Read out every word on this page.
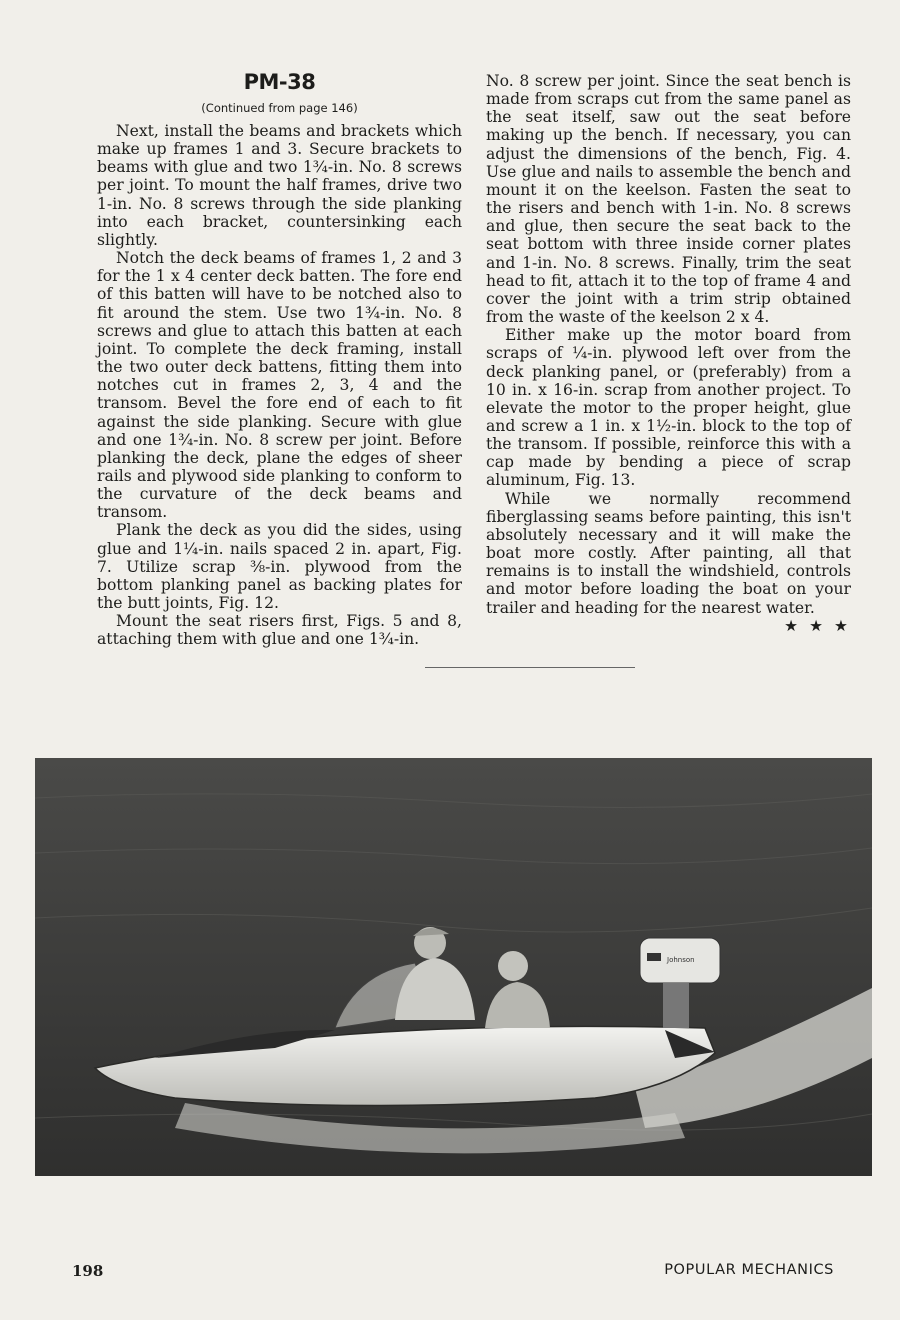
PM-38
(Continued from page 146)

Next, install the beams and brackets which make up frames 1 and 3. Secure brackets to beams with glue and two 1¾-in. No. 8 screws per joint. To mount the half frames, drive two 1-in. No. 8 screws through the side planking into each bracket, countersinking each slightly.

Notch the deck beams of frames 1, 2 and 3 for the 1 x 4 center deck batten. The fore end of this batten will have to be notched also to fit around the stem. Use two 1¾-in. No. 8 screws and glue to attach this batten at each joint. To complete the deck framing, install the two outer deck battens, fitting them into notches cut in frames 2, 3, 4 and the transom. Bevel the fore end of each to fit against the side planking. Secure with glue and one 1¾-in. No. 8 screw per joint. Before planking the deck, plane the edges of sheer rails and plywood side planking to conform to the curvature of the deck beams and transom.

Plank the deck as you did the sides, using glue and 1¼-in. nails spaced 2 in. apart, Fig. 7. Utilize scrap ⅜-in. plywood from the bottom planking panel as backing plates for the butt joints, Fig. 12.

Mount the seat risers first, Figs. 5 and 8, attaching them with glue and one 1¾-in.

No. 8 screw per joint. Since the seat bench is made from scraps cut from the same panel as the seat itself, saw out the seat before making up the bench. If necessary, you can adjust the dimensions of the bench, Fig. 4. Use glue and nails to assemble the bench and mount it on the keelson. Fasten the seat to the risers and bench with 1-in. No. 8 screws and glue, then secure the seat back to the seat bottom with three inside corner plates and 1-in. No. 8 screws. Finally, trim the seat head to fit, attach it to the top of frame 4 and cover the joint with a trim strip obtained from the waste of the keelson 2 x 4.

Either make up the motor board from scraps of ¼-in. plywood left over from the deck planking panel, or (preferably) from a 10 in. x 16-in. scrap from another project. To elevate the motor to the proper height, glue and screw a 1 in. x 1½-in. block to the top of the transom. If possible, reinforce this with a cap made by bending a piece of scrap aluminum, Fig. 13.

While we normally recommend fiberglassing seams before painting, this isn't absolutely necessary and it will make the boat more costly. After painting, all that remains is to install the windshield, controls and motor before loading the boat on your trailer and heading for the nearest water.
★ ★ ★

Johnson
198	POPULAR MECHANICS
